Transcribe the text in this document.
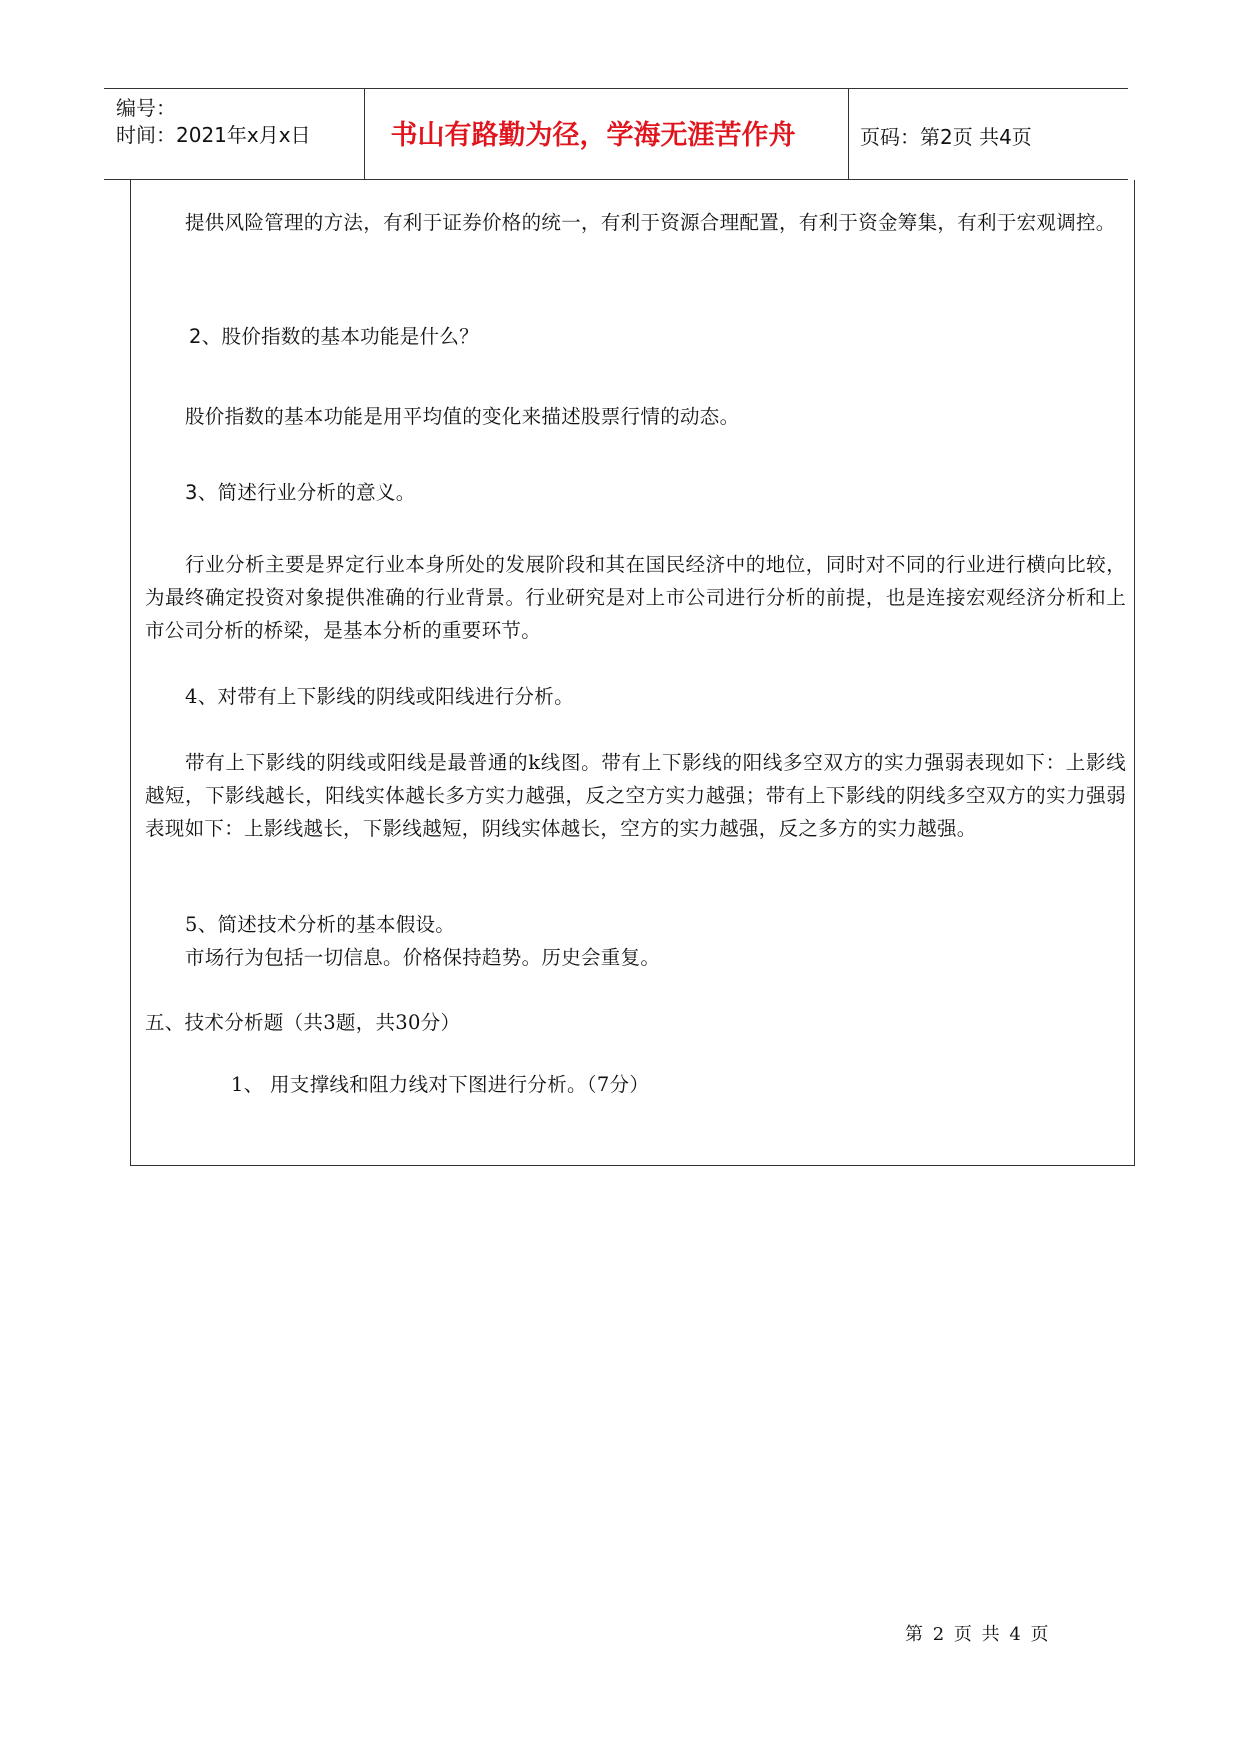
编号：
时间：2021年x月x日	书山有路勤为径，学海无涯苦作舟	页码：第2页 共4页
提供风险管理的方法，有利于证券价格的统一，有利于资源合理配置，有利于资金筹集，有利于宏观调控。
2、股价指数的基本功能是什么？
股价指数的基本功能是用平均值的变化来描述股票行情的动态。
3、简述行业分析的意义。
行业分析主要是界定行业本身所处的发展阶段和其在国民经济中的地位，同时对不同的行业进行横向比较，为最终确定投资对象提供准确的行业背景。行业研究是对上市公司进行分析的前提，也是连接宏观经济分析和上市公司分析的桥梁，是基本分析的重要环节。
4、对带有上下影线的阴线或阳线进行分析。
带有上下影线的阴线或阳线是最普通的k线图。带有上下影线的阳线多空双方的实力强弱表现如下：上影线越短，下影线越长，阳线实体越长多方实力越强，反之空方实力越强；带有上下影线的阴线多空双方的实力强弱表现如下：上影线越长，下影线越短，阴线实体越长，空方的实力越强，反之多方的实力越强。
5、简述技术分析的基本假设。
市场行为包括一切信息。价格保持趋势。历史会重复。
五、技术分析题（共3题，共30分）
1、 用支撑线和阻力线对下图进行分析。（7分）
第 2 页 共 4 页
